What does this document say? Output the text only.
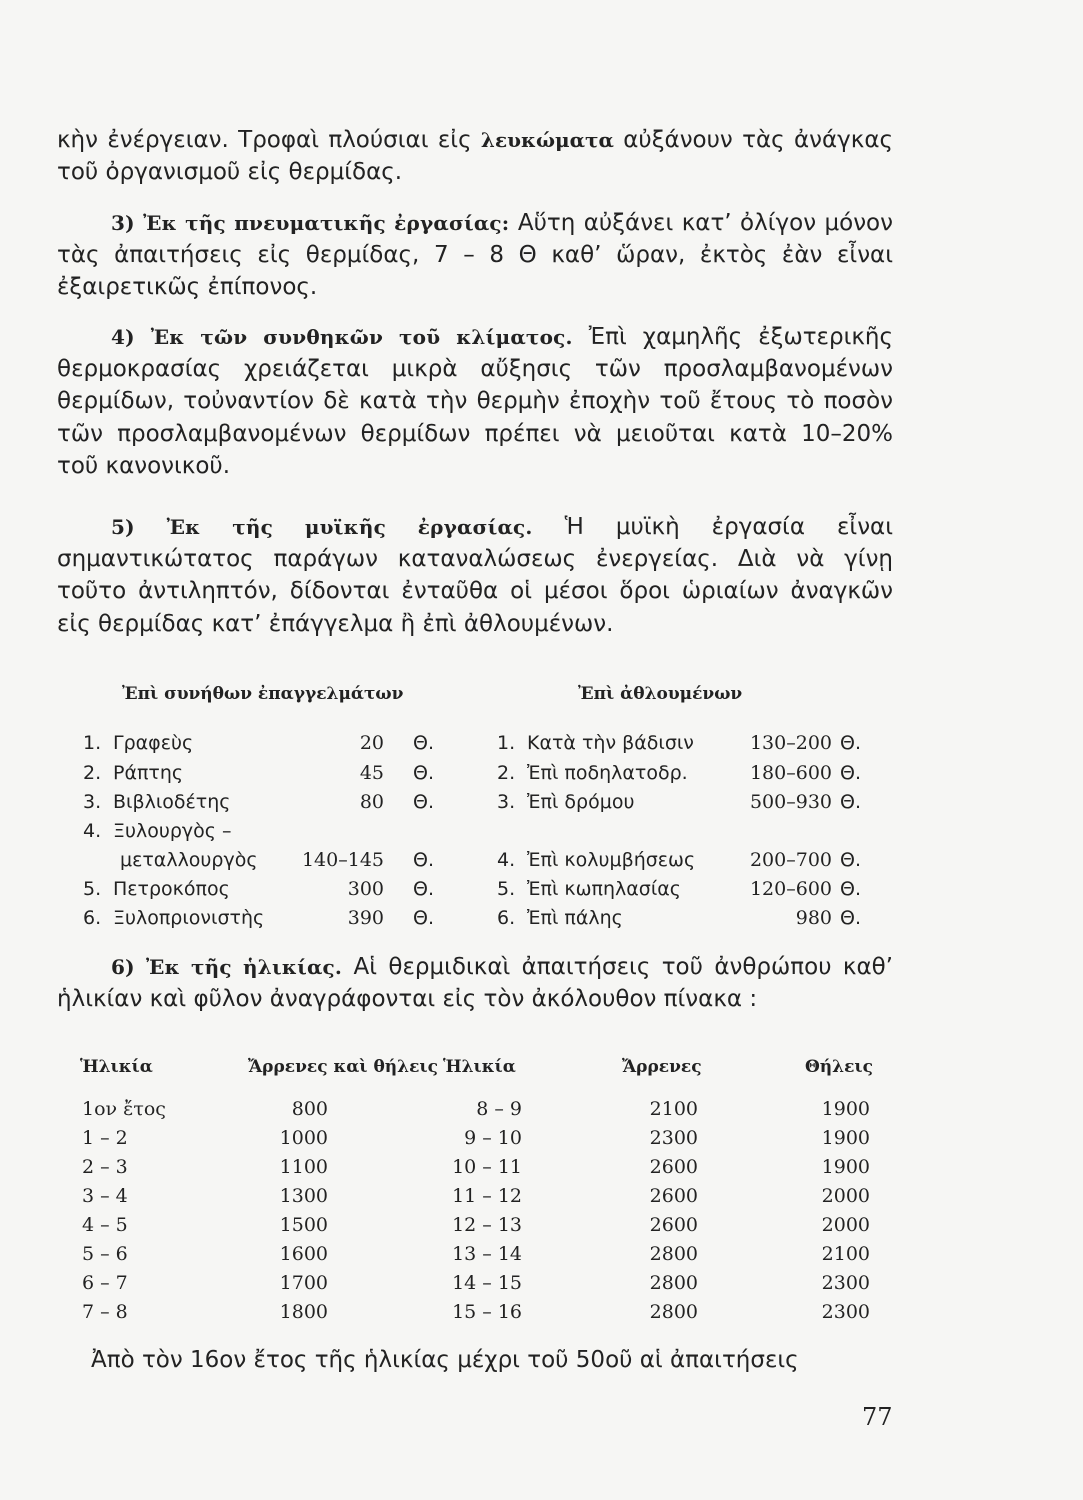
κὴν ἐνέργειαν. Τροφαὶ πλούσιαι εἰς λευκώματα αὐξάνουν τὰς ἀνάγκας τοῦ ὀργανισμοῦ εἰς θερμίδας.

3) Ἐκ τῆς πνευματικῆς ἐργασίας: Αὕτη αὐξάνει κατ’ ὀλίγον μόνον τὰς ἀπαιτήσεις εἰς θερμίδας, 7 – 8 Θ καθ’ ὥραν, ἐκτὸς ἐὰν εἶναι ἐξαιρετικῶς ἐπίπονος.

4) Ἐκ τῶν συνθηκῶν τοῦ κλίματος. Ἐπὶ χαμηλῆς ἐξωτερικῆς θερμοκρασίας χρειάζεται μικρὰ αὔξησις τῶν προσλαμβανομένων θερμίδων, τοὐναντίον δὲ κατὰ τὴν θερμὴν ἐποχὴν τοῦ ἔτους τὸ ποσὸν τῶν προσλαμβανομένων θερμίδων πρέπει νὰ μειοῦται κατὰ 10–20% τοῦ κανονικοῦ.

5) Ἐκ τῆς μυϊκῆς ἐργασίας. Ἡ μυϊκὴ ἐργασία εἶναι σημαντικώτατος παράγων καταναλώσεως ἐνεργείας. Διὰ νὰ γίνῃ τοῦτο ἀντιληπτόν, δίδονται ἐνταῦθα οἱ μέσοι ὅροι ὡριαίων ἀναγκῶν εἰς θερμίδας κατ’ ἐπάγγελμα ἢ ἐπὶ ἀθλουμένων.

Ἐπὶ συνήθων ἐπαγγελμάτων	Ἐπὶ ἀθλουμένων
1. Γραφεὺς	20 Θ.
2. Ράπτης	45 Θ.
3. Βιβλιοδέτης	80 Θ.
4. Ξυλουργὸς –
μεταλλουργὸς 140–145 Θ.
5. Πετροκόπος	300 Θ.
6. Ξυλοπριονιστὴς	390 Θ.
1. Κατὰ τὴν βάδισιν	130–200 Θ.
2. Ἐπὶ ποδηλατοδρ.	180–600 Θ.
3. Ἐπὶ δρόμου	500–930 Θ.
4. Ἐπὶ κολυμβήσεως	200–700 Θ.
5. Ἐπὶ κωπηλασίας	120–600 Θ.
6. Ἐπὶ πάλης	980 Θ.

6) Ἐκ τῆς ἡλικίας. Αἱ θερμιδικαὶ ἀπαιτήσεις τοῦ ἀνθρώπου καθ’ ἡλικίαν καὶ φῦλον ἀναγράφονται εἰς τὸν ἀκόλουθον πίνακα :

Ἡλικία	Ἄρρενες καὶ θήλεις Ἡλικία	Ἄρρενες	Θήλεις
1ον ἔτος	800	8 – 9	2100	1900
1 – 2	1000	9 – 10	2300	1900
2 – 3	1100	10 – 11	2600	1900
3 – 4	1300	11 – 12	2600	2000
4 – 5	1500	12 – 13	2600	2000
5 – 6	1600	13 – 14	2800	2100
6 – 7	1700	14 – 15	2800	2300
7 – 8	1800	15 – 16	2800	2300

Ἀπὸ τὸν 16ον ἔτος τῆς ἡλικίας μέχρι τοῦ 50οῦ αἱ ἀπαιτήσεις

77
